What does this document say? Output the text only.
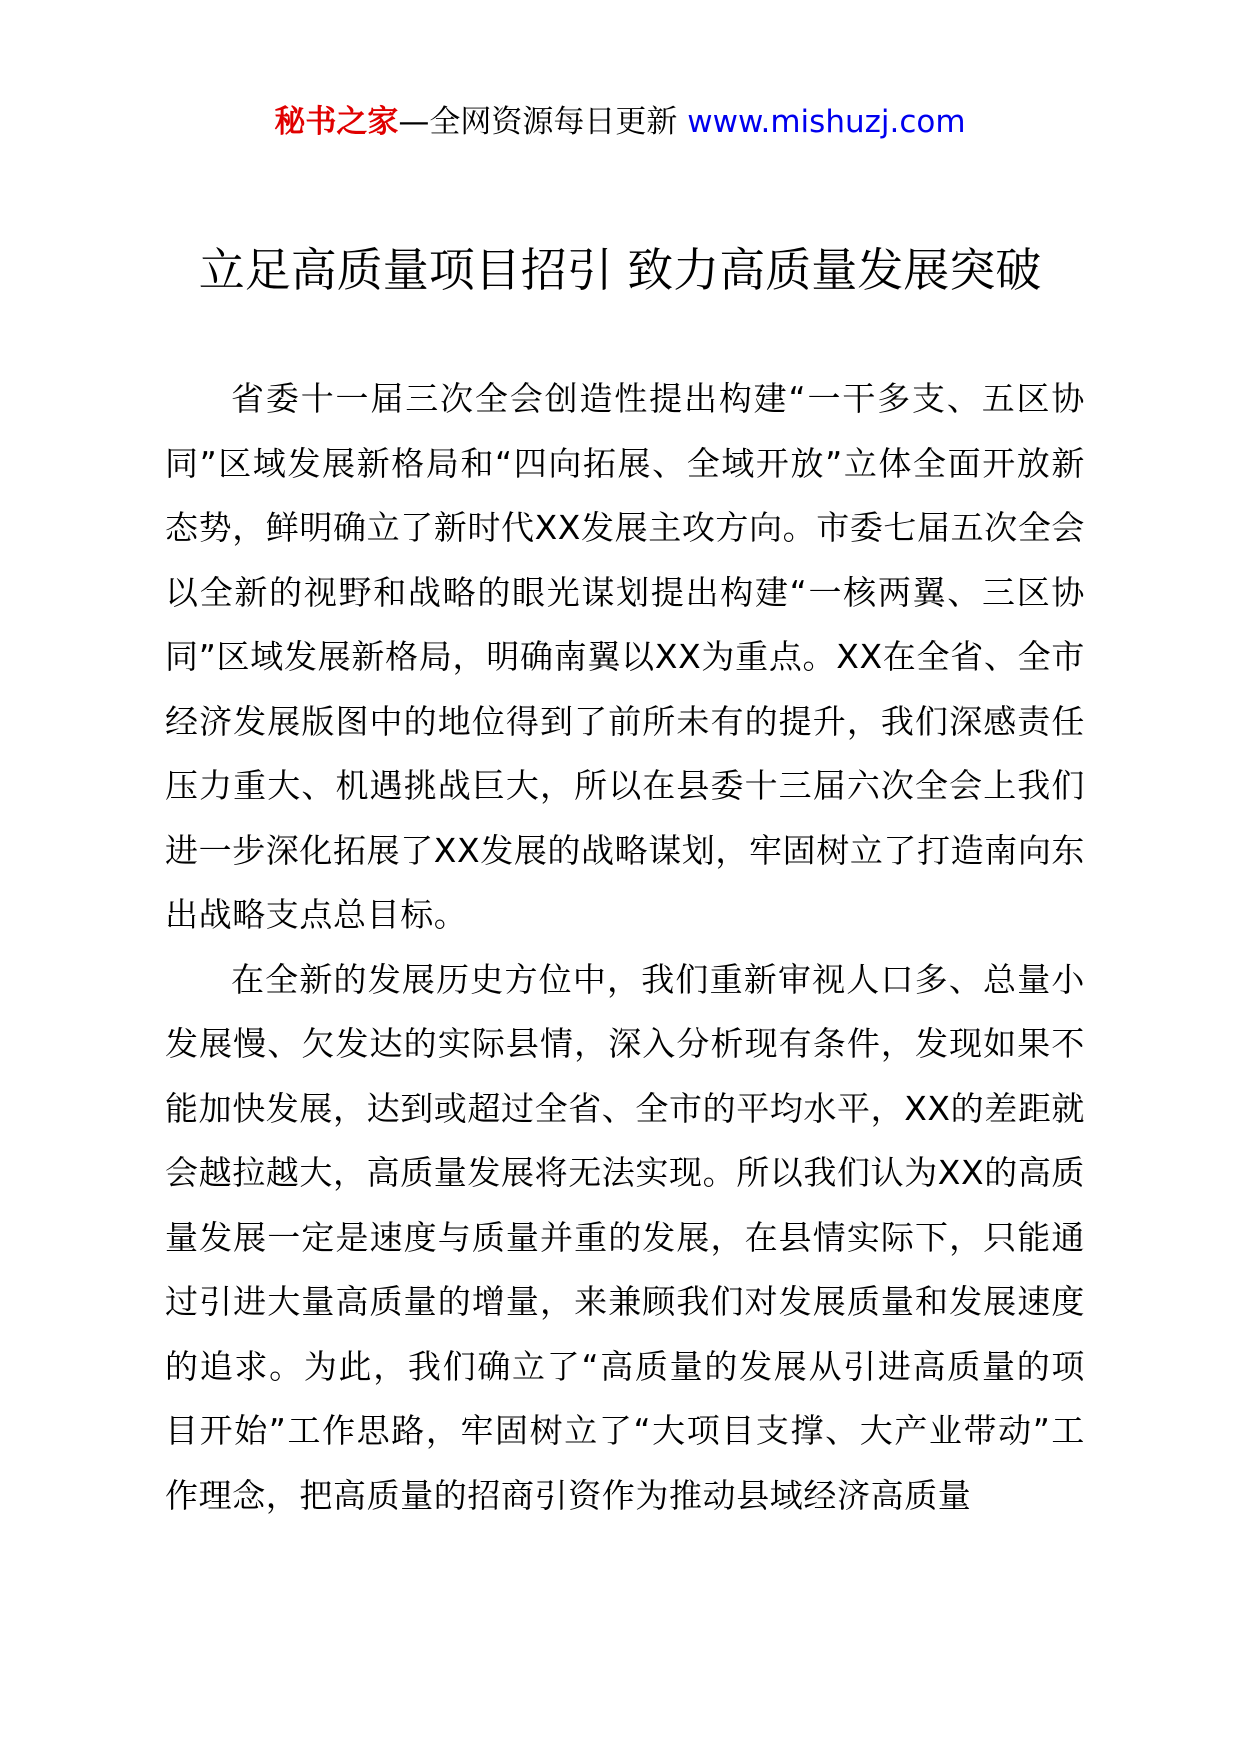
秘书之家—全网资源每日更新 www.mishuzj.com
立足高质量项目招引 致力高质量发展突破

省委十一届三次全会创造性提出构建“一干多支、五区协同”区域发展新格局和“四向拓展、全域开放”立体全面开放新态势，鲜明确立了新时代XX发展主攻方向。市委七届五次全会以全新的视野和战略的眼光谋划提出构建“一核两翼、三区协同”区域发展新格局，明确南翼以XX为重点。XX在全省、全市经济发展版图中的地位得到了前所未有的提升，我们深感责任压力重大、机遇挑战巨大，所以在县委十三届六次全会上我们进一步深化拓展了XX发展的战略谋划，牢固树立了打造南向东出战略支点总目标。

在全新的发展历史方位中，我们重新审视人口多、总量小发展慢、欠发达的实际县情，深入分析现有条件，发现如果不能加快发展，达到或超过全省、全市的平均水平，XX的差距就会越拉越大，高质量发展将无法实现。所以我们认为XX的高质量发展一定是速度与质量并重的发展，在县情实际下，只能通过引进大量高质量的增量，来兼顾我们对发展质量和发展速度的追求。为此，我们确立了“高质量的发展从引进高质量的项目开始”工作思路，牢固树立了“大项目支撑、大产业带动”工作理念，把高质量的招商引资作为推动县域经济高质量
